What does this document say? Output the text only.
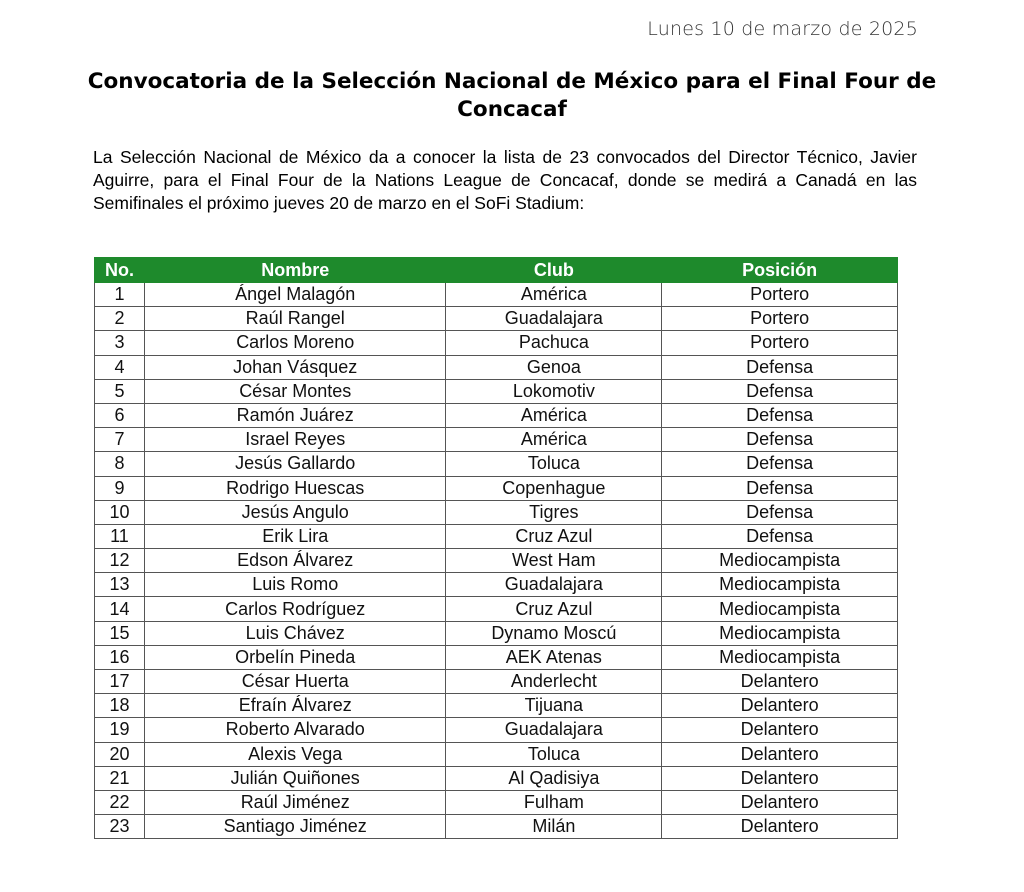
Lunes 10 de marzo de 2025
Convocatoria de la Selección Nacional de México para el Final Four de Concacaf
La Selección Nacional de México da a conocer la lista de 23 convocados del Director Técnico, Javier Aguirre, para el Final Four de la Nations League de Concacaf, donde se medirá a Canadá en las Semifinales el próximo jueves 20 de marzo en el SoFi Stadium:
No.	Nombre	Club	Posición
1	Ángel Malagón	América	Portero
2	Raúl Rangel	Guadalajara	Portero
3	Carlos Moreno	Pachuca	Portero
4	Johan Vásquez	Genoa	Defensa
5	César Montes	Lokomotiv	Defensa
6	Ramón Juárez	América	Defensa
7	Israel Reyes	América	Defensa
8	Jesús Gallardo	Toluca	Defensa
9	Rodrigo Huescas	Copenhague	Defensa
10	Jesús Angulo	Tigres	Defensa
11	Erik Lira	Cruz Azul	Defensa
12	Edson Álvarez	West Ham	Mediocampista
13	Luis Romo	Guadalajara	Mediocampista
14	Carlos Rodríguez	Cruz Azul	Mediocampista
15	Luis Chávez	Dynamo Moscú	Mediocampista
16	Orbelín Pineda	AEK Atenas	Mediocampista
17	César Huerta	Anderlecht	Delantero
18	Efraín Álvarez	Tijuana	Delantero
19	Roberto Alvarado	Guadalajara	Delantero
20	Alexis Vega	Toluca	Delantero
21	Julián Quiñones	Al Qadisiya	Delantero
22	Raúl Jiménez	Fulham	Delantero
23	Santiago Jiménez	Milán	Delantero
